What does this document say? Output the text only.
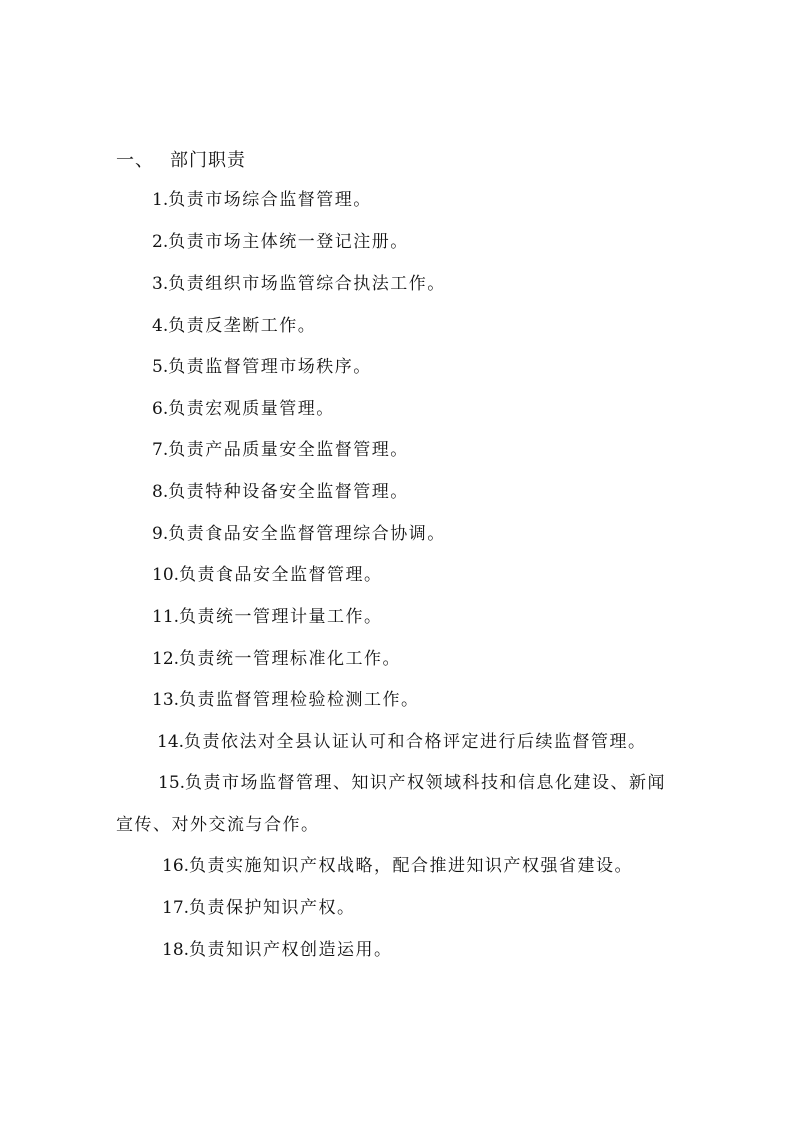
一、 部门职责
1.负责市场综合监督管理。
2.负责市场主体统一登记注册。
3.负责组织市场监管综合执法工作。
4.负责反垄断工作。
5.负责监督管理市场秩序。
6.负责宏观质量管理。
7.负责产品质量安全监督管理。
8.负责特种设备安全监督管理。
9.负责食品安全监督管理综合协调。
10.负责食品安全监督管理。
11.负责统一管理计量工作。
12.负责统一管理标准化工作。
13.负责监督管理检验检测工作。
14.负责依法对全县认证认可和合格评定进行后续监督管理。
15.负责市场监督管理、知识产权领域科技和信息化建设、新闻
宣传、对外交流与合作。
16.负责实施知识产权战略，配合推进知识产权强省建设。
17.负责保护知识产权。
18.负责知识产权创造运用。
